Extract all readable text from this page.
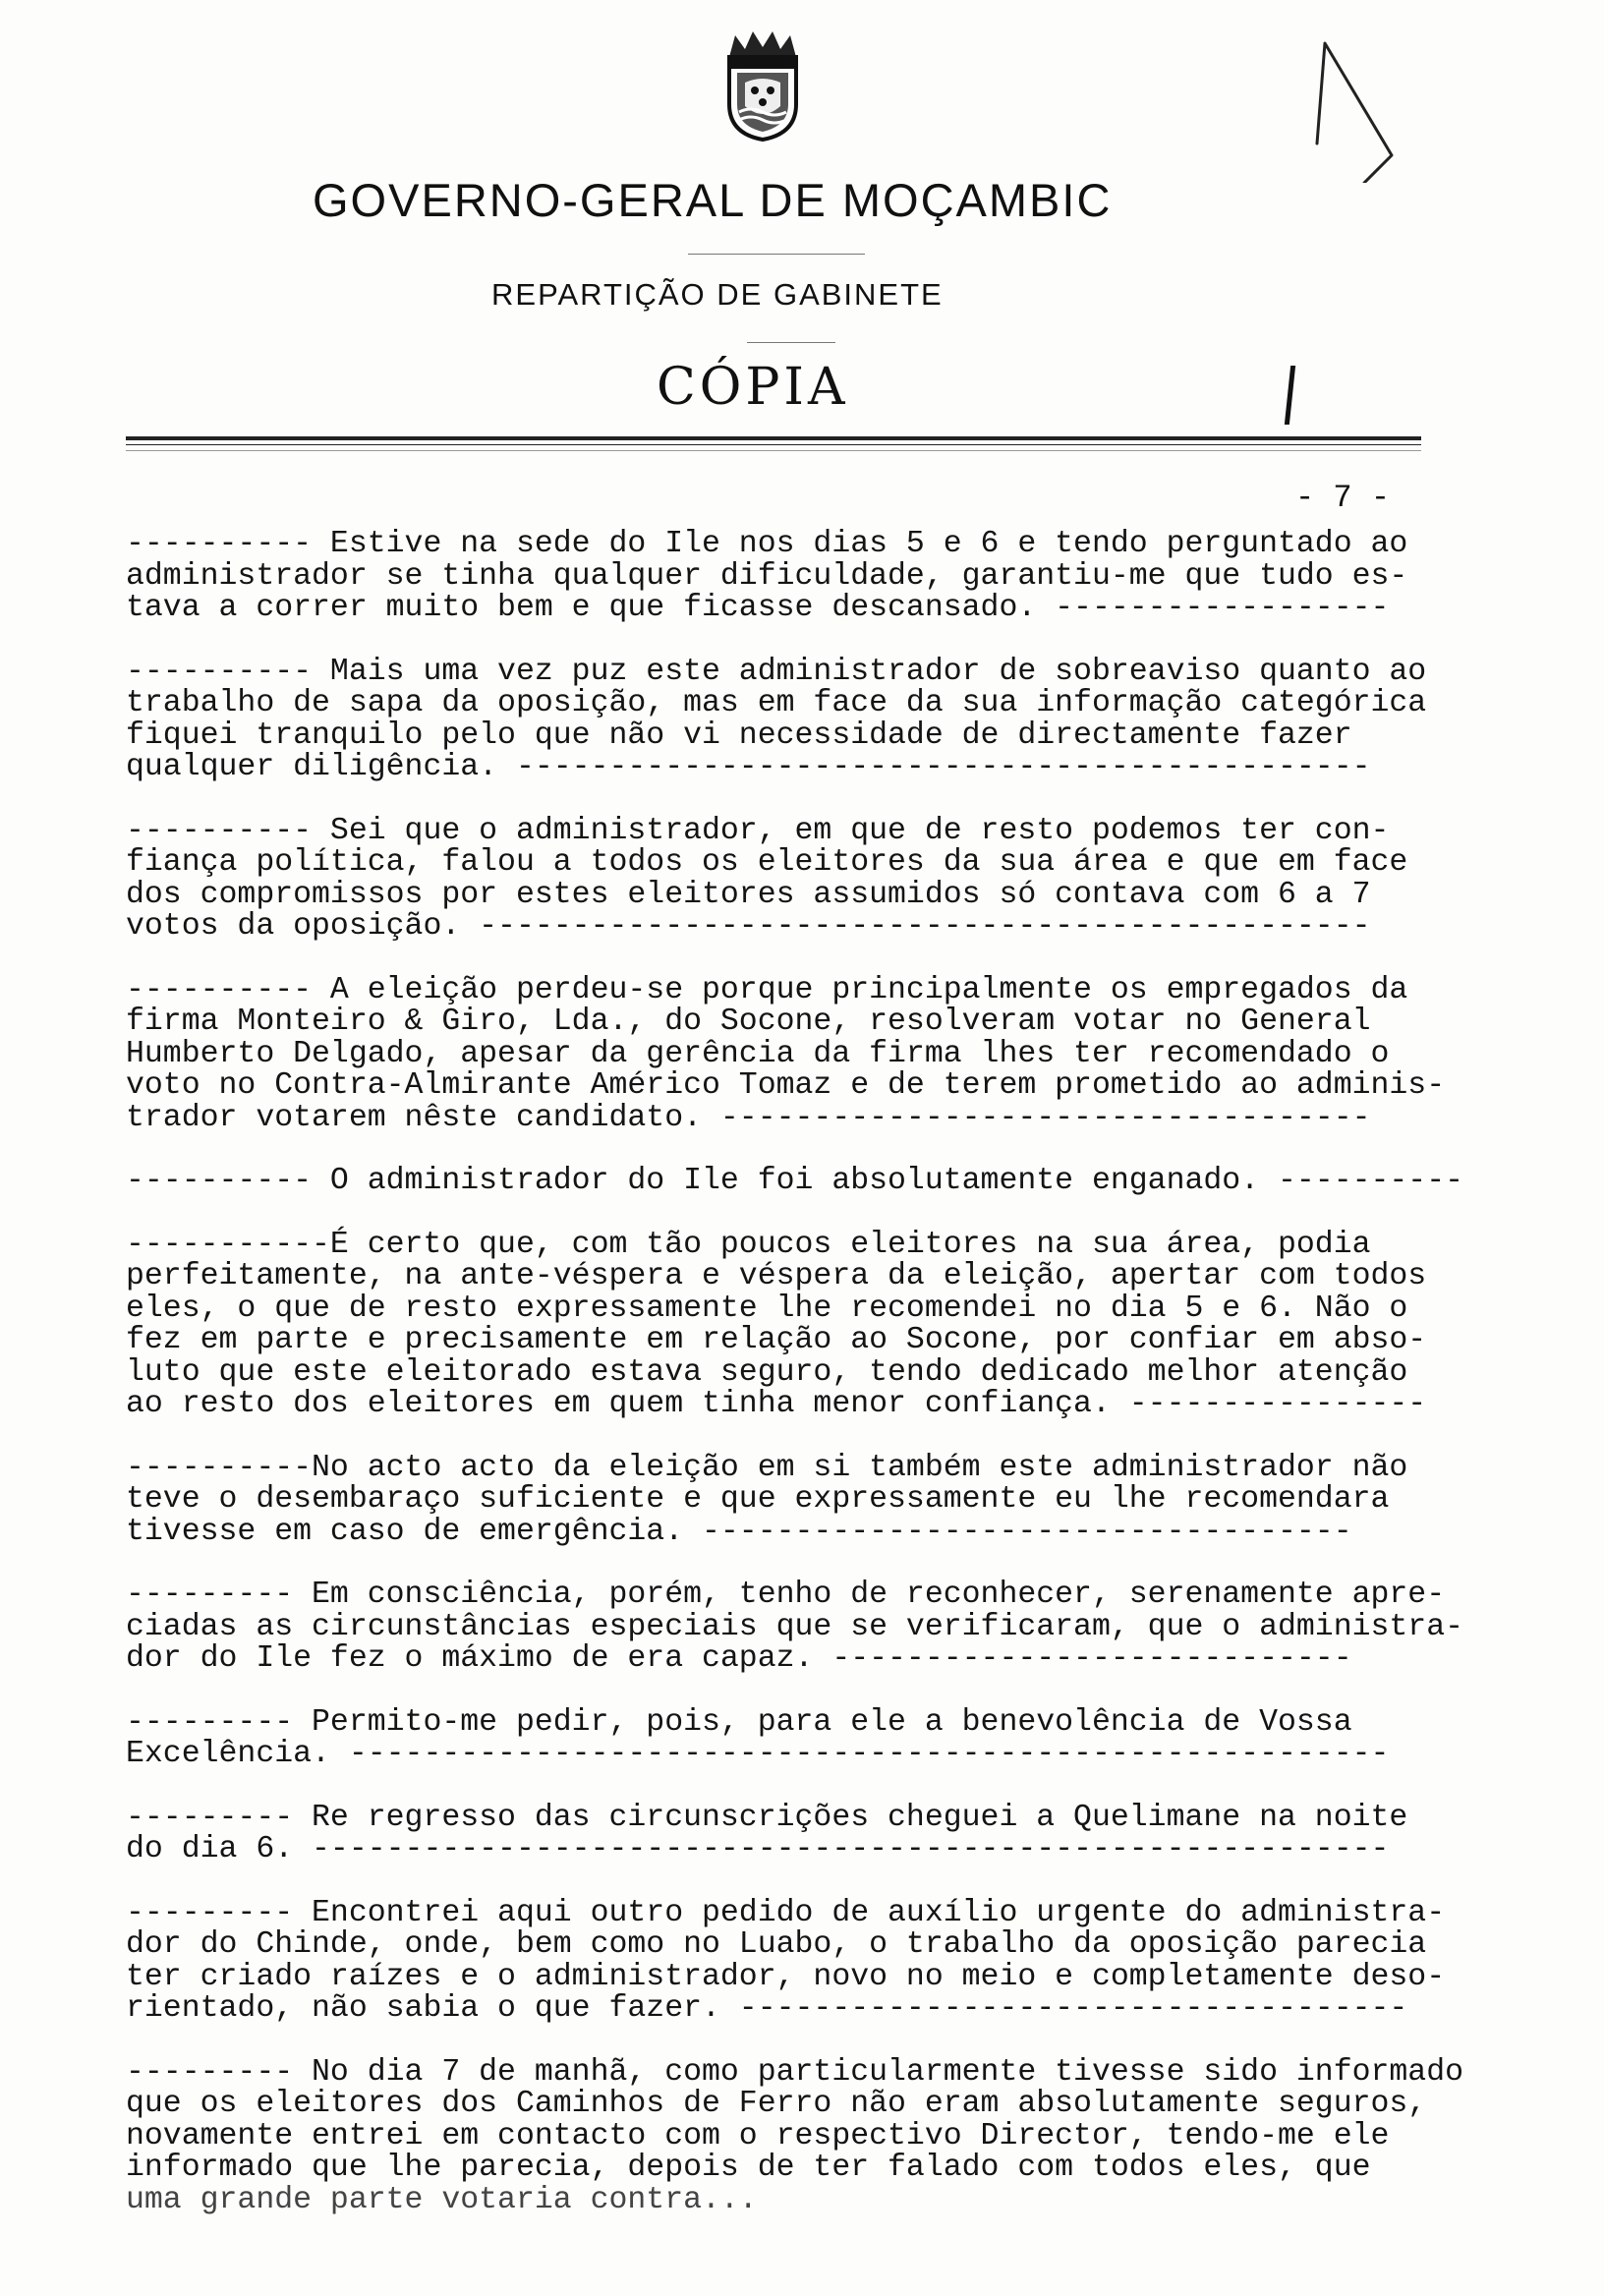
GOVERNO-GERAL DE MOÇAMBIC
REPARTIÇÃO DE GABINETE
CÓPIA
- 7 -
---------- Estive na sede do Ile nos dias 5 e 6 e tendo perguntado ao
administrador se tinha qualquer dificuldade, garantiu-me que tudo es-
tava a correr muito bem e que ficasse descansado. ------------------
---------- Mais uma vez puz este administrador de sobreaviso quanto ao
trabalho de sapa da oposição, mas em face da sua informação categórica
fiquei tranquilo pelo que não vi necessidade de directamente fazer
qualquer diligência. ----------------------------------------------
---------- Sei que o administrador, em que de resto podemos ter con-
fiança política, falou a todos os eleitores da sua área e que em face
dos compromissos por estes eleitores assumidos só contava com 6 a 7
votos da oposição. ------------------------------------------------
---------- A eleição perdeu-se porque principalmente os empregados da
firma Monteiro & Giro, Lda., do Socone, resolveram votar no General
Humberto Delgado, apesar da gerência da firma lhes ter recomendado o
voto no Contra-Almirante Américo Tomaz e de terem prometido ao adminis-
trador votarem nêste candidato. -----------------------------------
---------- O administrador do Ile foi absolutamente enganado. ----------
-----------É certo que, com tão poucos eleitores na sua área, podia
perfeitamente, na ante-véspera e véspera da eleição, apertar com todos
eles, o que de resto expressamente lhe recomendei no dia 5 e 6. Não o
fez em parte e precisamente em relação ao Socone, por confiar em abso-
luto que este eleitorado estava seguro, tendo dedicado melhor atenção
ao resto dos eleitores em quem tinha menor confiança. ----------------
----------No acto acto da eleição em si também este administrador não
teve o desembaraço suficiente e que expressamente eu lhe recomendara
tivesse em caso de emergência. -----------------------------------
--------- Em consciência, porém, tenho de reconhecer, serenamente apre-
ciadas as circunstâncias especiais que se verificaram, que o administra-
dor do Ile fez o máximo de era capaz. ----------------------------
--------- Permito-me pedir, pois, para ele a benevolência de Vossa
Excelência. --------------------------------------------------------
--------- Re regresso das circunscrições cheguei a Quelimane na noite
do dia 6. ----------------------------------------------------------
--------- Encontrei aqui outro pedido de auxílio urgente do administra-
dor do Chinde, onde, bem como no Luabo, o trabalho da oposição parecia
ter criado raízes e o administrador, novo no meio e completamente deso-
rientado, não sabia o que fazer. ------------------------------------
--------- No dia 7 de manhã, como particularmente tivesse sido informado
que os eleitores dos Caminhos de Ferro não eram absolutamente seguros,
novamente entrei em contacto com o respectivo Director, tendo-me ele
informado que lhe parecia, depois de ter falado com todos eles, que
uma grande parte votaria contra...
